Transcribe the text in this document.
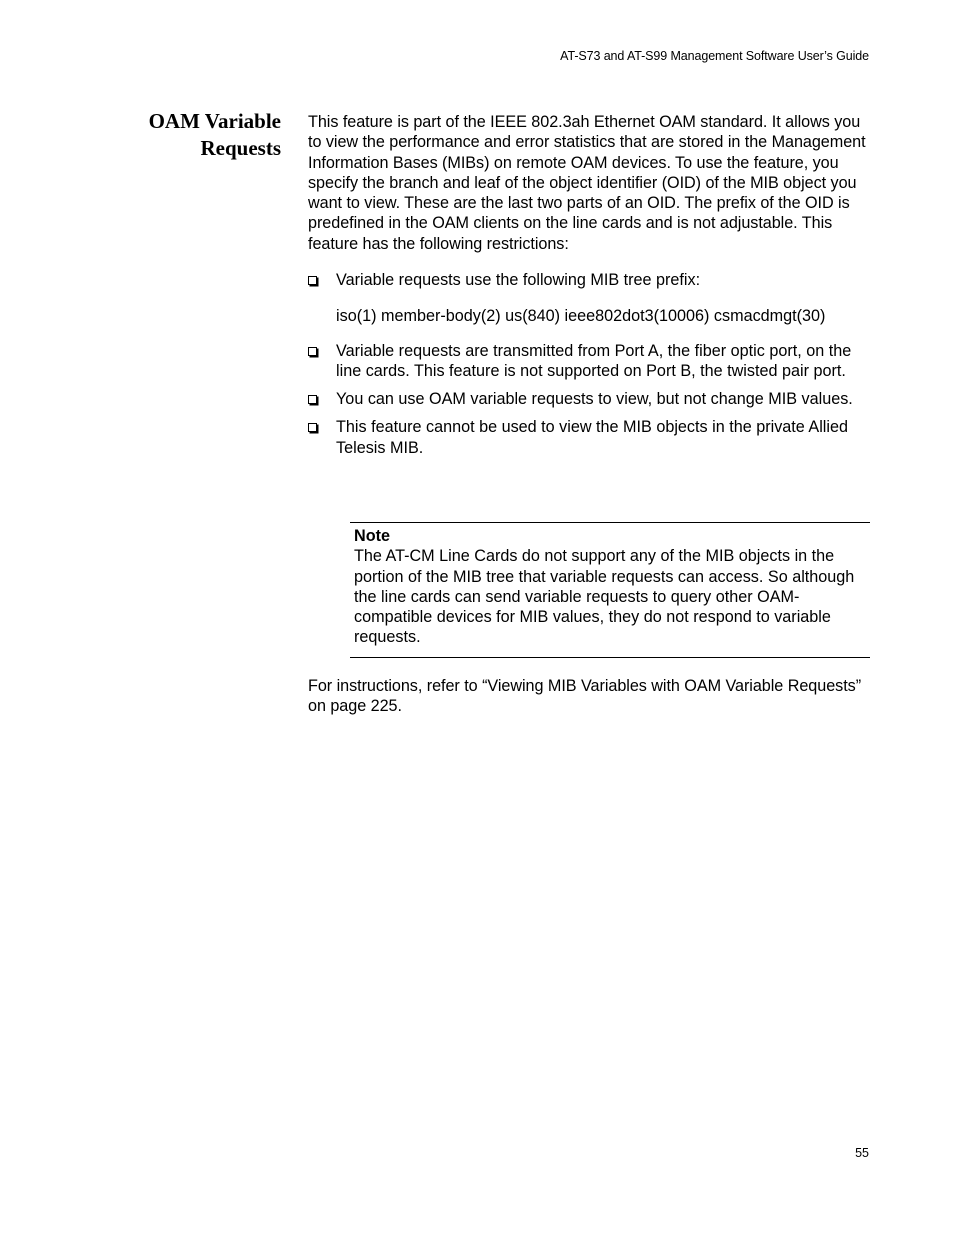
AT-S73 and AT-S99 Management Software User’s Guide
OAM Variable
Requests
This feature is part of the IEEE 802.3ah Ethernet OAM standard. It allows you to view the performance and error statistics that are stored in the Management Information Bases (MIBs) on remote OAM devices. To use the feature, you specify the branch and leaf of the object identifier (OID) of the MIB object you want to view. These are the last two parts of an OID. The prefix of the OID is predefined in the OAM clients on the line cards and is not adjustable. This feature has the following restrictions:
Variable requests use the following MIB tree prefix:
iso(1) member-body(2) us(840) ieee802dot3(10006) csmacdmgt(30)
Variable requests are transmitted from Port A, the fiber optic port, on the line cards. This feature is not supported on Port B, the twisted pair port.
You can use OAM variable requests to view, but not change MIB values.
This feature cannot be used to view the MIB objects in the private Allied Telesis MIB.
Note
The AT-CM Line Cards do not support any of the MIB objects in the portion of the MIB tree that variable requests can access. So although the line cards can send variable requests to query other OAM-compatible devices for MIB values, they do not respond to variable requests.
For instructions, refer to “Viewing MIB Variables with OAM Variable Requests” on page 225.
55
